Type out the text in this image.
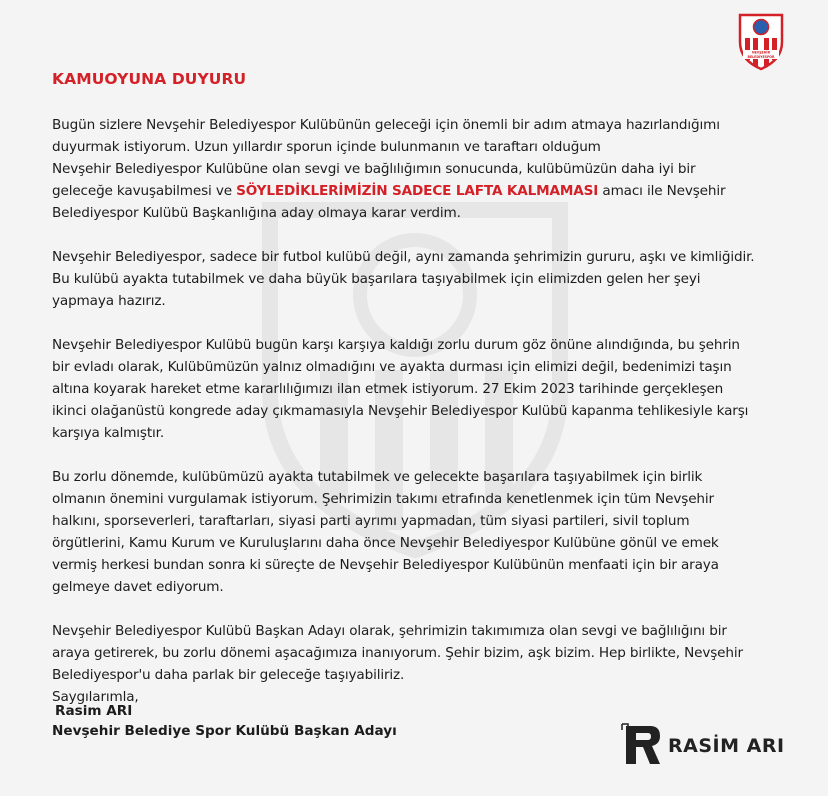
NEVŞEHİR
BELEDİYESPOR
KAMUOYUNA DUYURU
Bugün sizlere Nevşehir Belediyespor Kulübünün geleceği için önemli bir adım atmaya hazırlandığımı
duyurmak istiyorum. Uzun yıllardır sporun içinde bulunmanın ve taraftarı olduğum
Nevşehir Belediyespor Kulübüne olan sevgi ve bağlılığımın sonucunda, kulübümüzün daha iyi bir
geleceğe kavuşabilmesi ve SÖYLEDİKLERİMİZİN SADECE LAFTA KALMAMASI amacı ile Nevşehir
Belediyespor Kulübü Başkanlığına aday olmaya karar verdim.
Nevşehir Belediyespor, sadece bir futbol kulübü değil, aynı zamanda şehrimizin gururu, aşkı ve kimliğidir.
Bu kulübü ayakta tutabilmek ve daha büyük başarılara taşıyabilmek için elimizden gelen her şeyi
yapmaya hazırız.
Nevşehir Belediyespor Kulübü bugün karşı karşıya kaldığı zorlu durum göz önüne alındığında, bu şehrin
bir evladı olarak, Kulübümüzün yalnız olmadığını ve ayakta durması için elimizi değil, bedenimizi taşın
altına koyarak hareket etme kararlılığımızı ilan etmek istiyorum. 27 Ekim 2023 tarihinde gerçekleşen
ikinci olağanüstü kongrede aday çıkmamasıyla Nevşehir Belediyespor Kulübü kapanma tehlikesiyle karşı
karşıya kalmıştır.
Bu zorlu dönemde, kulübümüzü ayakta tutabilmek ve gelecekte başarılara taşıyabilmek için birlik
olmanın önemini vurgulamak istiyorum. Şehrimizin takımı etrafında kenetlenmek için tüm Nevşehir
halkını, sporseverleri, taraftarları, siyasi parti ayrımı yapmadan, tüm siyasi partileri, sivil toplum
örgütlerini, Kamu Kurum ve Kuruluşlarını daha önce Nevşehir Belediyespor Kulübüne gönül ve emek
vermiş herkesi bundan sonra ki süreçte de Nevşehir Belediyespor Kulübünün menfaati için bir araya
gelmeye davet ediyorum.
Nevşehir Belediyespor Kulübü Başkan Adayı olarak, şehrimizin takımımıza olan sevgi ve bağlılığını bir
araya getirerek, bu zorlu dönemi aşacağımıza inanıyorum. Şehir bizim, aşk bizim. Hep birlikte, Nevşehir
Belediyespor'u daha parlak bir geleceğe taşıyabiliriz.
Saygılarımla,
Rasim ARI
Nevşehir Belediye Spor Kulübü Başkan Adayı
RASİM ARI
